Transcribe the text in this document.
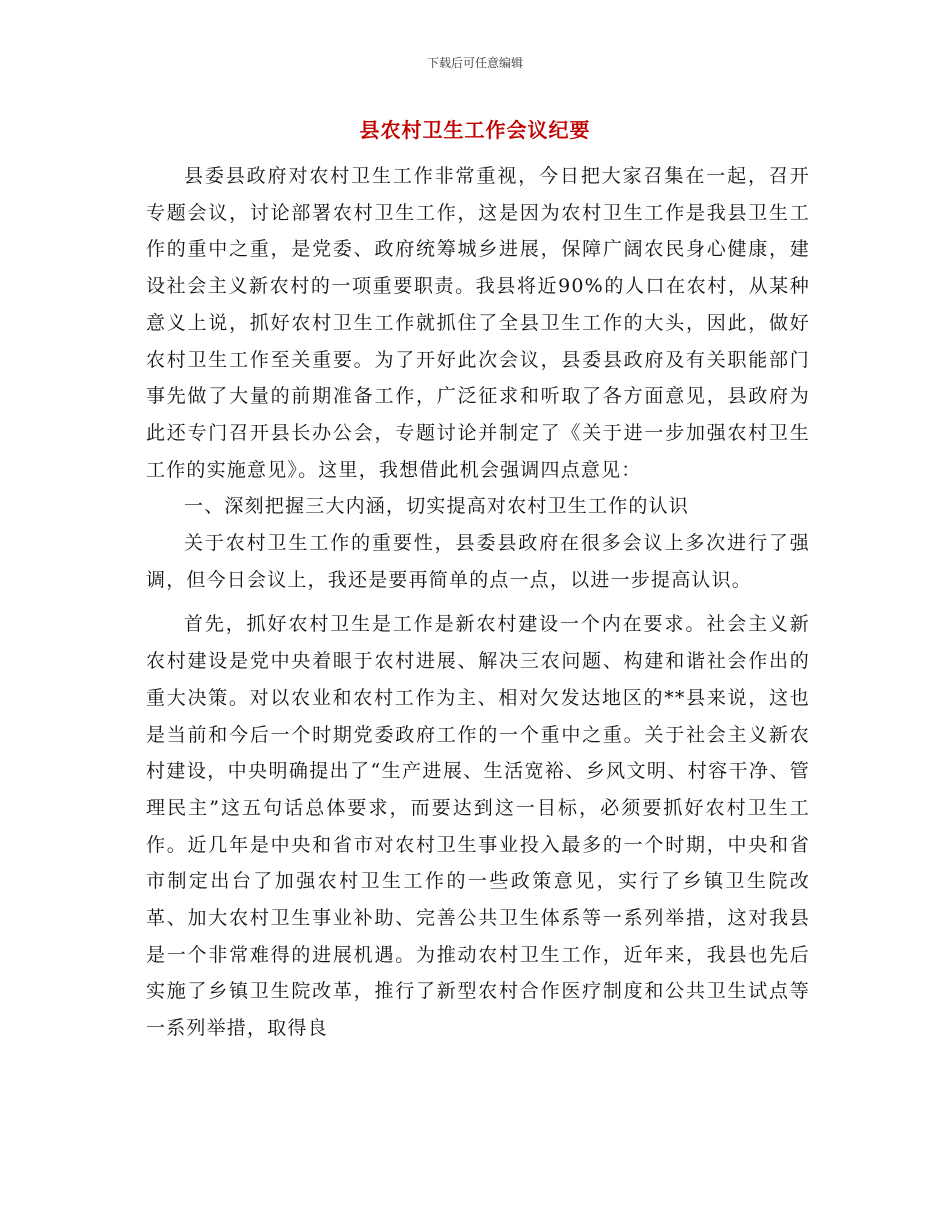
下载后可任意编辑
县农村卫生工作会议纪要

县委县政府对农村卫生工作非常重视，今日把大家召集在一起，召开专题会议，讨论部署农村卫生工作，这是因为农村卫生工作是我县卫生工作的重中之重，是党委、政府统筹城乡进展，保障广阔农民身心健康，建设社会主义新农村的一项重要职责。我县将近90%的人口在农村，从某种意义上说，抓好农村卫生工作就抓住了全县卫生工作的大头，因此，做好农村卫生工作至关重要。为了开好此次会议，县委县政府及有关职能部门事先做了大量的前期准备工作，广泛征求和听取了各方面意见，县政府为此还专门召开县长办公会，专题讨论并制定了《关于进一步加强农村卫生工作的实施意见》。这里，我想借此机会强调四点意见：

一、深刻把握三大内涵，切实提高对农村卫生工作的认识

关于农村卫生工作的重要性，县委县政府在很多会议上多次进行了强调，但今日会议上，我还是要再简单的点一点，以进一步提高认识。

首先，抓好农村卫生是工作是新农村建设一个内在要求。社会主义新农村建设是党中央着眼于农村进展、解决三农问题、构建和谐社会作出的重大决策。对以农业和农村工作为主、相对欠发达地区的**县来说，这也是当前和今后一个时期党委政府工作的一个重中之重。关于社会主义新农村建设，中央明确提出了“生产进展、生活宽裕、乡风文明、村容干净、管理民主”这五句话总体要求，而要达到这一目标，必须要抓好农村卫生工作。近几年是中央和省市对农村卫生事业投入最多的一个时期，中央和省市制定出台了加强农村卫生工作的一些政策意见，实行了乡镇卫生院改革、加大农村卫生事业补助、完善公共卫生体系等一系列举措，这对我县是一个非常难得的进展机遇。为推动农村卫生工作，近年来，我县也先后实施了乡镇卫生院改革，推行了新型农村合作医疗制度和公共卫生试点等一系列举措，取得良
